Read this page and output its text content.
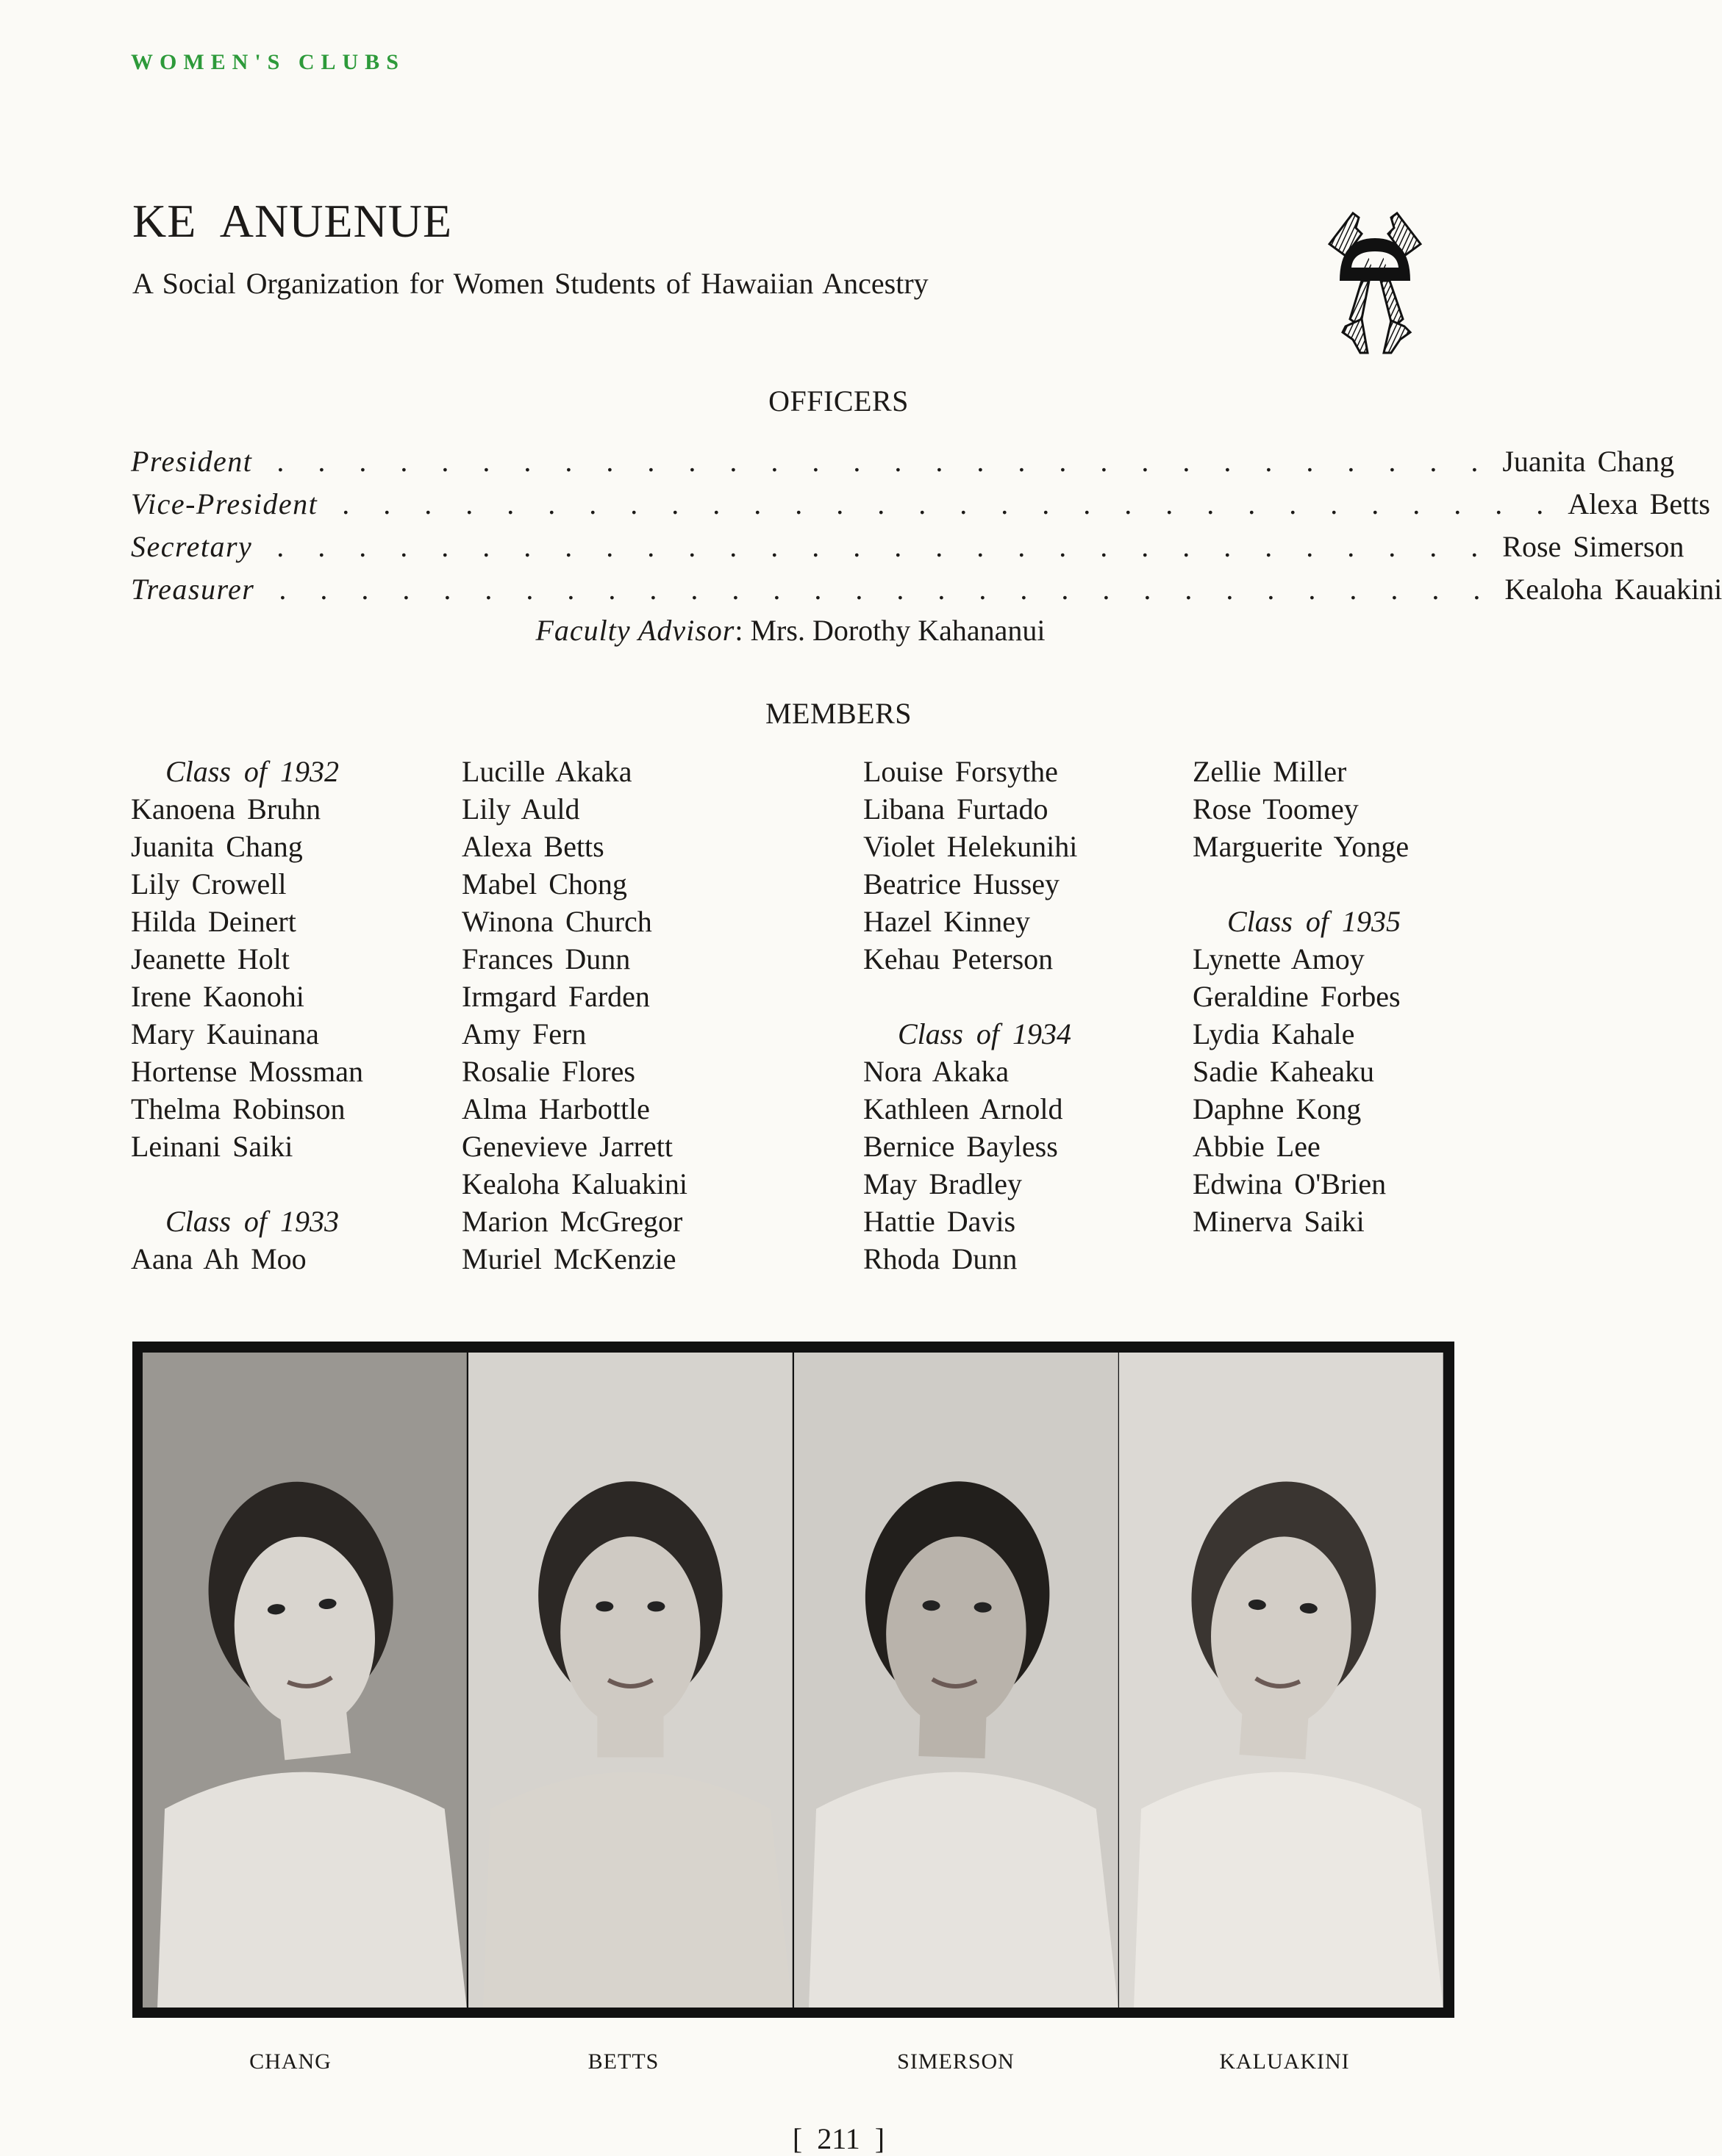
WOMEN'S CLUBS
KE ANUENUE
A Social Organization for Women Students of Hawaiian Ancestry
OFFICERS
President	..............................	Juanita Chang
Vice-President	..............................	Alexa Betts
Secretary	..............................	Rose Simerson
Treasurer	..............................	Kealoha Kauakini
Faculty Advisor: Mrs. Dorothy Kahananui
MEMBERS
Class of 1932
Kanoena Bruhn
Juanita Chang
Lily Crowell
Hilda Deinert
Jeanette Holt
Irene Kaonohi
Mary Kauinana
Hortense Mossman
Thelma Robinson
Leinani Saiki
Class of 1933
Aana Ah Moo
Lucille Akaka
Lily Auld
Alexa Betts
Mabel Chong
Winona Church
Frances Dunn
Irmgard Farden
Amy Fern
Rosalie Flores
Alma Harbottle
Genevieve Jarrett
Kealoha Kaluakini
Marion McGregor
Muriel McKenzie
Louise Forsythe
Libana Furtado
Violet Helekunihi
Beatrice Hussey
Hazel Kinney
Kehau Peterson
Class of 1934
Nora Akaka
Kathleen Arnold
Bernice Bayless
May Bradley
Hattie Davis
Rhoda Dunn
Zellie Miller
Rose Toomey
Marguerite Yonge
Class of 1935
Lynette Amoy
Geraldine Forbes
Lydia Kahale
Sadie Kaheaku
Daphne Kong
Abbie Lee
Edwina O'Brien
Minerva Saiki
CHANG	BETTS	SIMERSON	KALUAKINI
[ 211 ]
